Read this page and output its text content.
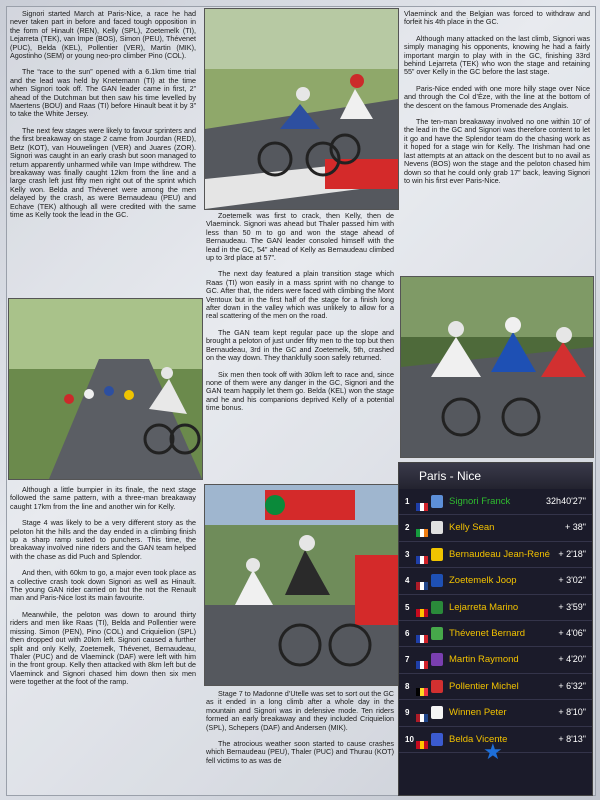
Signori started March at Paris-Nice, a race he had never taken part in before and faced tough opposition in the form of Hinault (REN), Kelly (SPL), Zoetemelk (TI), Lejarreta (TEK), van Impe (BOS), Simon (PEU), Thévenet (PUC), Belda (KEL), Pollentier (VER), Martin (MIK), Agostinho (SEM) or young neo-pro climber Pino (COL).

The “race to the sun” opened with a 6.1km time trial and the lead was held by Knetemann (TI) at the time when Signori took off. The GAN leader came in first, 2” ahead of the Dutchman but then saw his time levelled by Maertens (BOU) and Raas (TI) before Hinault beat it by 3” to take the White Jersey.

The next few stages were likely to favour sprinters and the first breakaway on stage 2 came from Jourdan (RED), Betz (KOT), van Houwelingen (VER) and Juares (ZOR). Signori was caught in an early crash but soon managed to return apparently unharmed while van Impe withdrew. The breakaway was finally caught 12km from the line and a large crash left just fifty men right out of the sprint which Kelly won. Belda and Thévenet were among the men delayed by the crash, as were Bernaudeau (PEU) and Echave (TEK) although all were credited with the same time as Kelly took the lead in the GC.

Vlaeminck and the Belgian was forced to withdraw and forfeit his 4th place in the GC.

Although many attacked on the last climb, Signori was simply managing his opponents, knowing he had a fairly important margin to play with in the GC, finishing 33rd behind Lejarreta (TEK) who won the stage and retaining 55” over Kelly in the GC before the last stage.

Paris-Nice ended with one more hilly stage over Nice and through the Col d’Èze, with the line at the bottom of the descent on the famous Promenade des Anglais.

The ten-man breakaway involved no one within 10’ of the lead in the GC and Signori was therefore content to let it go and have the Splendor team do the chasing work as it hoped for a stage win for Kelly. The Irishman had one last attempts at an attack on the descent but to no avail as Nevens (BOS) won the stage and the peloton chased him down so that he could only grab 17” back, leaving Signori to win his first ever Paris-Nice.

Zoetemelk was first to crack, then Kelly, then de Vlaeminck. Signori was ahead but Thaler passed him with less than 50 m to go and won the stage ahead of Bernaudeau. The GAN leader consoled himself with the lead in the GC, 54” ahead of Kelly as Bernaudeau climbed up to 3rd place at 57”.

The next day featured a plain transition stage which Raas (TI) won easily in a mass sprint with no change to GC. After that, the riders were faced with climbing the Mont Ventoux but in the first half of the stage for a finish long after down in the valley which was unlikely to allow for a real scattering of the men on the road.

The GAN team kept regular pace up the slope and brought a peloton of just under fifty men to the top but then Bernaudeau, 3rd in the GC and Zoetemelk, 5th, crashed on the way down. They thankfully soon safely returned.

Six men then took off with 30km left to race and, since none of them were any danger in the GC, Signori and the GAN team happily let them go. Belda (KEL) won the stage and he and his companions deprived Kelly of a potential time bonus.

Although a little bumpier in its finale, the next stage followed the same pattern, with a three-man breakaway caught 17km from the line and another win for Kelly.

Stage 4 was likely to be a very different story as the peloton hit the hills and the day ended in a climbing finish up a sharp ramp suited to punchers. This time, the breakaway involved nine riders and the GAN team helped with the chase as did Puch and Splendor.

And then, with 60km to go, a major even took place as a collective crash took down Signori as well as Hinault. The young GAN rider carried on but the not the Renault man and Paris-Nice lost its main favourite.

Meanwhile, the peloton was down to around thirty riders and men like Raas (TI), Belda and Pollentier were missing. Simon (PEN), Pino (COL) and Criquielion (SPL) then dropped out with 20km left. Signori caused a further split and only Kelly, Zoetemelk, Thévenet, Bernaudeau, Thaler (PUC) and de Vlaeminck (DAF) were left with him in the front group. Kelly then attacked with 8km left but de Vlaeminck and Signori chased him down then six men were together at the foot of the ramp.

Stage 7 to Madonne d’Utelle was set to sort out the GC as it ended in a long climb after a whole day in the mountain and Signori was in defensive mode. Ten riders formed an early breakaway and they included Criquielion (SPL), Schepers (DAF) and Andersen (MIK).

The atrocious weather soon started to cause crashes which Bernaudeau (PEU), Thaler (PUC) and Thurau (KOT) fell victims to as was de

Paris - Nice
1	Signori Franck	32h40'27"
2	Kelly Sean	+ 38"
3	Bernaudeau Jean-René + 2'18"
4	Zoetemelk Joop	+ 3'02"
5	Lejarreta Marino	+ 3'59"
6	Thévenet Bernard	+ 4'06"
7	Martin Raymond	+ 4'20"
8	Pollentier Michel	+ 6'32"
9	Winnen Peter	+ 8'10"
10	Belda Vicente	+ 8'13"
★
